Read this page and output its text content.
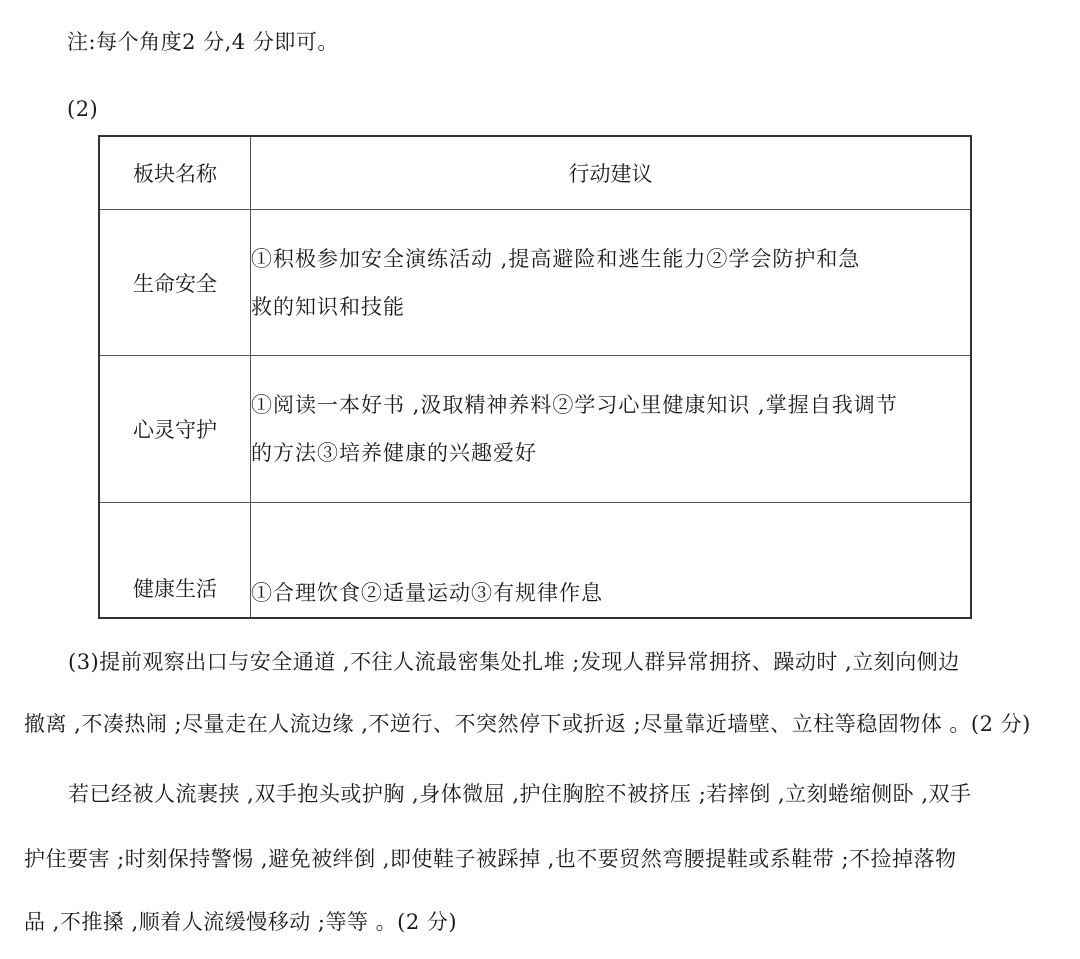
注:每个角度2 分,4 分即可。
(2)
板块名称	行动建议
生命安全	①积极参加安全演练活动 ,提高避险和逃生能力②学会防护和急
救的知识和技能

心灵守护	①阅读一本好书 ,汲取精神养料②学习心里健康知识 ,掌握自我调节
的方法③培养健康的兴趣爱好

健康生活	①合理饮食②适量运动③有规律作息
(3)提前观察出口与安全通道 ,不往人流最密集处扎堆 ;发现人群异常拥挤、躁动时 ,立刻向侧边
撤离 ,不凑热闹 ;尽量走在人流边缘 ,不逆行、不突然停下或折返 ;尽量靠近墙壁、立柱等稳固物体 。(2 分)
若已经被人流裹挟 ,双手抱头或护胸 ,身体微屈 ,护住胸腔不被挤压 ;若摔倒 ,立刻蜷缩侧卧 ,双手
护住要害 ;时刻保持警惕 ,避免被绊倒 ,即使鞋子被踩掉 ,也不要贸然弯腰提鞋或系鞋带 ;不捡掉落物
品 ,不推搡 ,顺着人流缓慢移动 ;等等 。(2 分)
